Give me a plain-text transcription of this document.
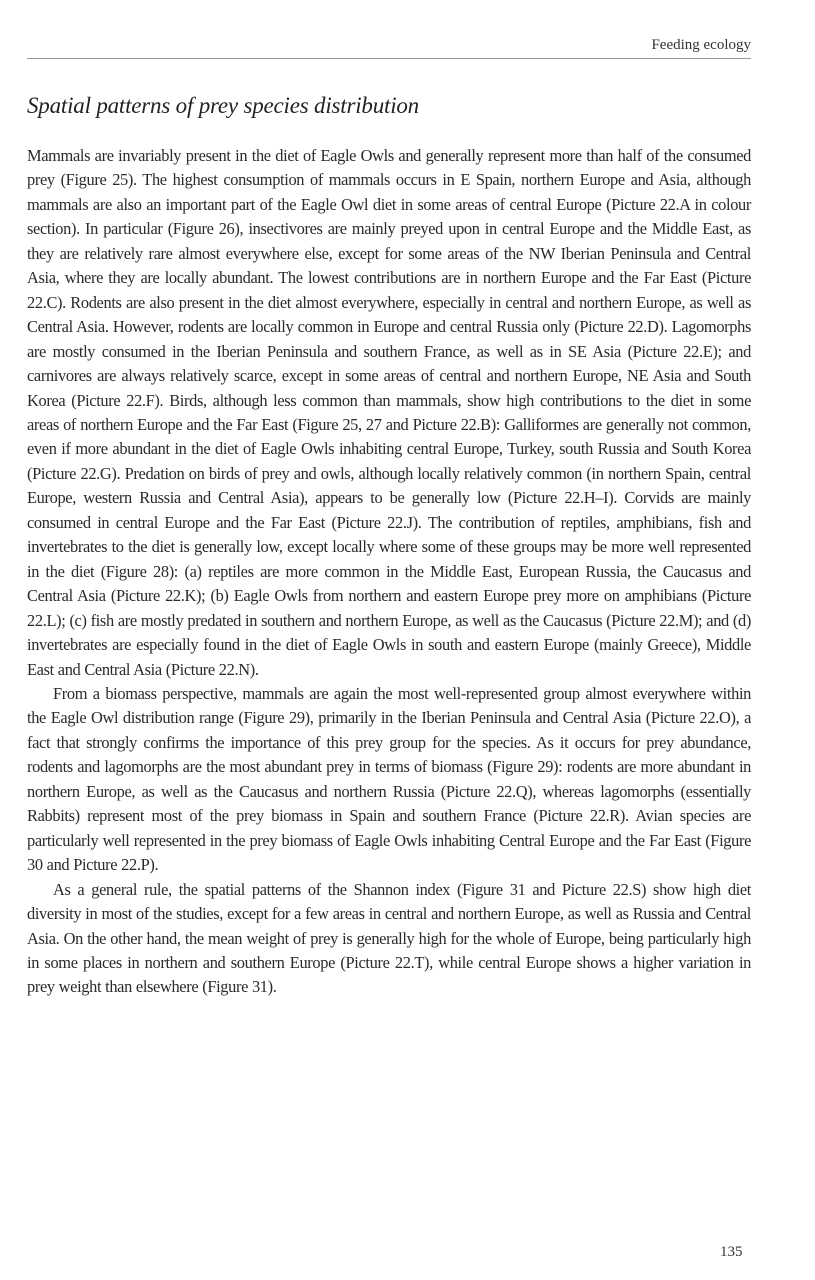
Feeding ecology
Spatial patterns of prey species distribution

Mammals are invariably present in the diet of Eagle Owls and generally represent more than half of the consumed prey (Figure 25). The highest consumption of mammals occurs in E Spain, northern Europe and Asia, although mammals are also an important part of the Eagle Owl diet in some areas of central Europe (Picture 22.A in colour section). In particular (Figure 26), insectivores are mainly preyed upon in central Europe and the Middle East, as they are relatively rare almost everywhere else, except for some areas of the NW Iberian Peninsula and Central Asia, where they are locally abundant. The lowest contributions are in northern Europe and the Far East (Picture 22.C). Rodents are also present in the diet almost everywhere, especially in central and northern Europe, as well as Central Asia. However, rodents are locally common in Europe and central Russia only (Picture 22.D). Lagomorphs are mostly consumed in the Iberian Peninsula and southern France, as well as in SE Asia (Picture 22.E); and carnivores are always relatively scarce, except in some areas of central and northern Europe, NE Asia and South Korea (Picture 22.F). Birds, although less common than mammals, show high contributions to the diet in some areas of northern Europe and the Far East (Figure 25, 27 and Picture 22.B): Galliformes are generally not common, even if more abundant in the diet of Eagle Owls inhabiting central Europe, Turkey, south Russia and South Korea (Picture 22.G). Predation on birds of prey and owls, although locally relatively common (in northern Spain, central Europe, western Russia and Central Asia), appears to be generally low (Picture 22.H–I). Corvids are mainly consumed in central Europe and the Far East (Picture 22.J). The contribution of reptiles, amphibians, fish and invertebrates to the diet is generally low, except locally where some of these groups may be more well represented in the diet (Figure 28): (a) reptiles are more common in the Middle East, European Russia, the Caucasus and Central Asia (Picture 22.K); (b) Eagle Owls from northern and eastern Europe prey more on amphibians (Picture 22.L); (c) fish are mostly predated in southern and northern Europe, as well as the Caucasus (Picture 22.M); and (d) invertebrates are especially found in the diet of Eagle Owls in south and eastern Europe (mainly Greece), Middle East and Central Asia (Picture 22.N).

From a biomass perspective, mammals are again the most well-represented group almost everywhere within the Eagle Owl distribution range (Figure 29), primarily in the Iberian Peninsula and Central Asia (Picture 22.O), a fact that strongly confirms the importance of this prey group for the species. As it occurs for prey abundance, rodents and lagomorphs are the most abundant prey in terms of biomass (Figure 29): rodents are more abundant in northern Europe, as well as the Caucasus and northern Russia (Picture 22.Q), whereas lagomorphs (essentially Rabbits) represent most of the prey biomass in Spain and southern France (Picture 22.R). Avian species are particularly well represented in the prey biomass of Eagle Owls inhabiting Central Europe and the Far East (Figure 30 and Picture 22.P).

As a general rule, the spatial patterns of the Shannon index (Figure 31 and Picture 22.S) show high diet diversity in most of the studies, except for a few areas in central and northern Europe, as well as Russia and Central Asia. On the other hand, the mean weight of prey is generally high for the whole of Europe, being particularly high in some places in northern and southern Europe (Picture 22.T), while central Europe shows a higher variation in prey weight than elsewhere (Figure 31).

135
